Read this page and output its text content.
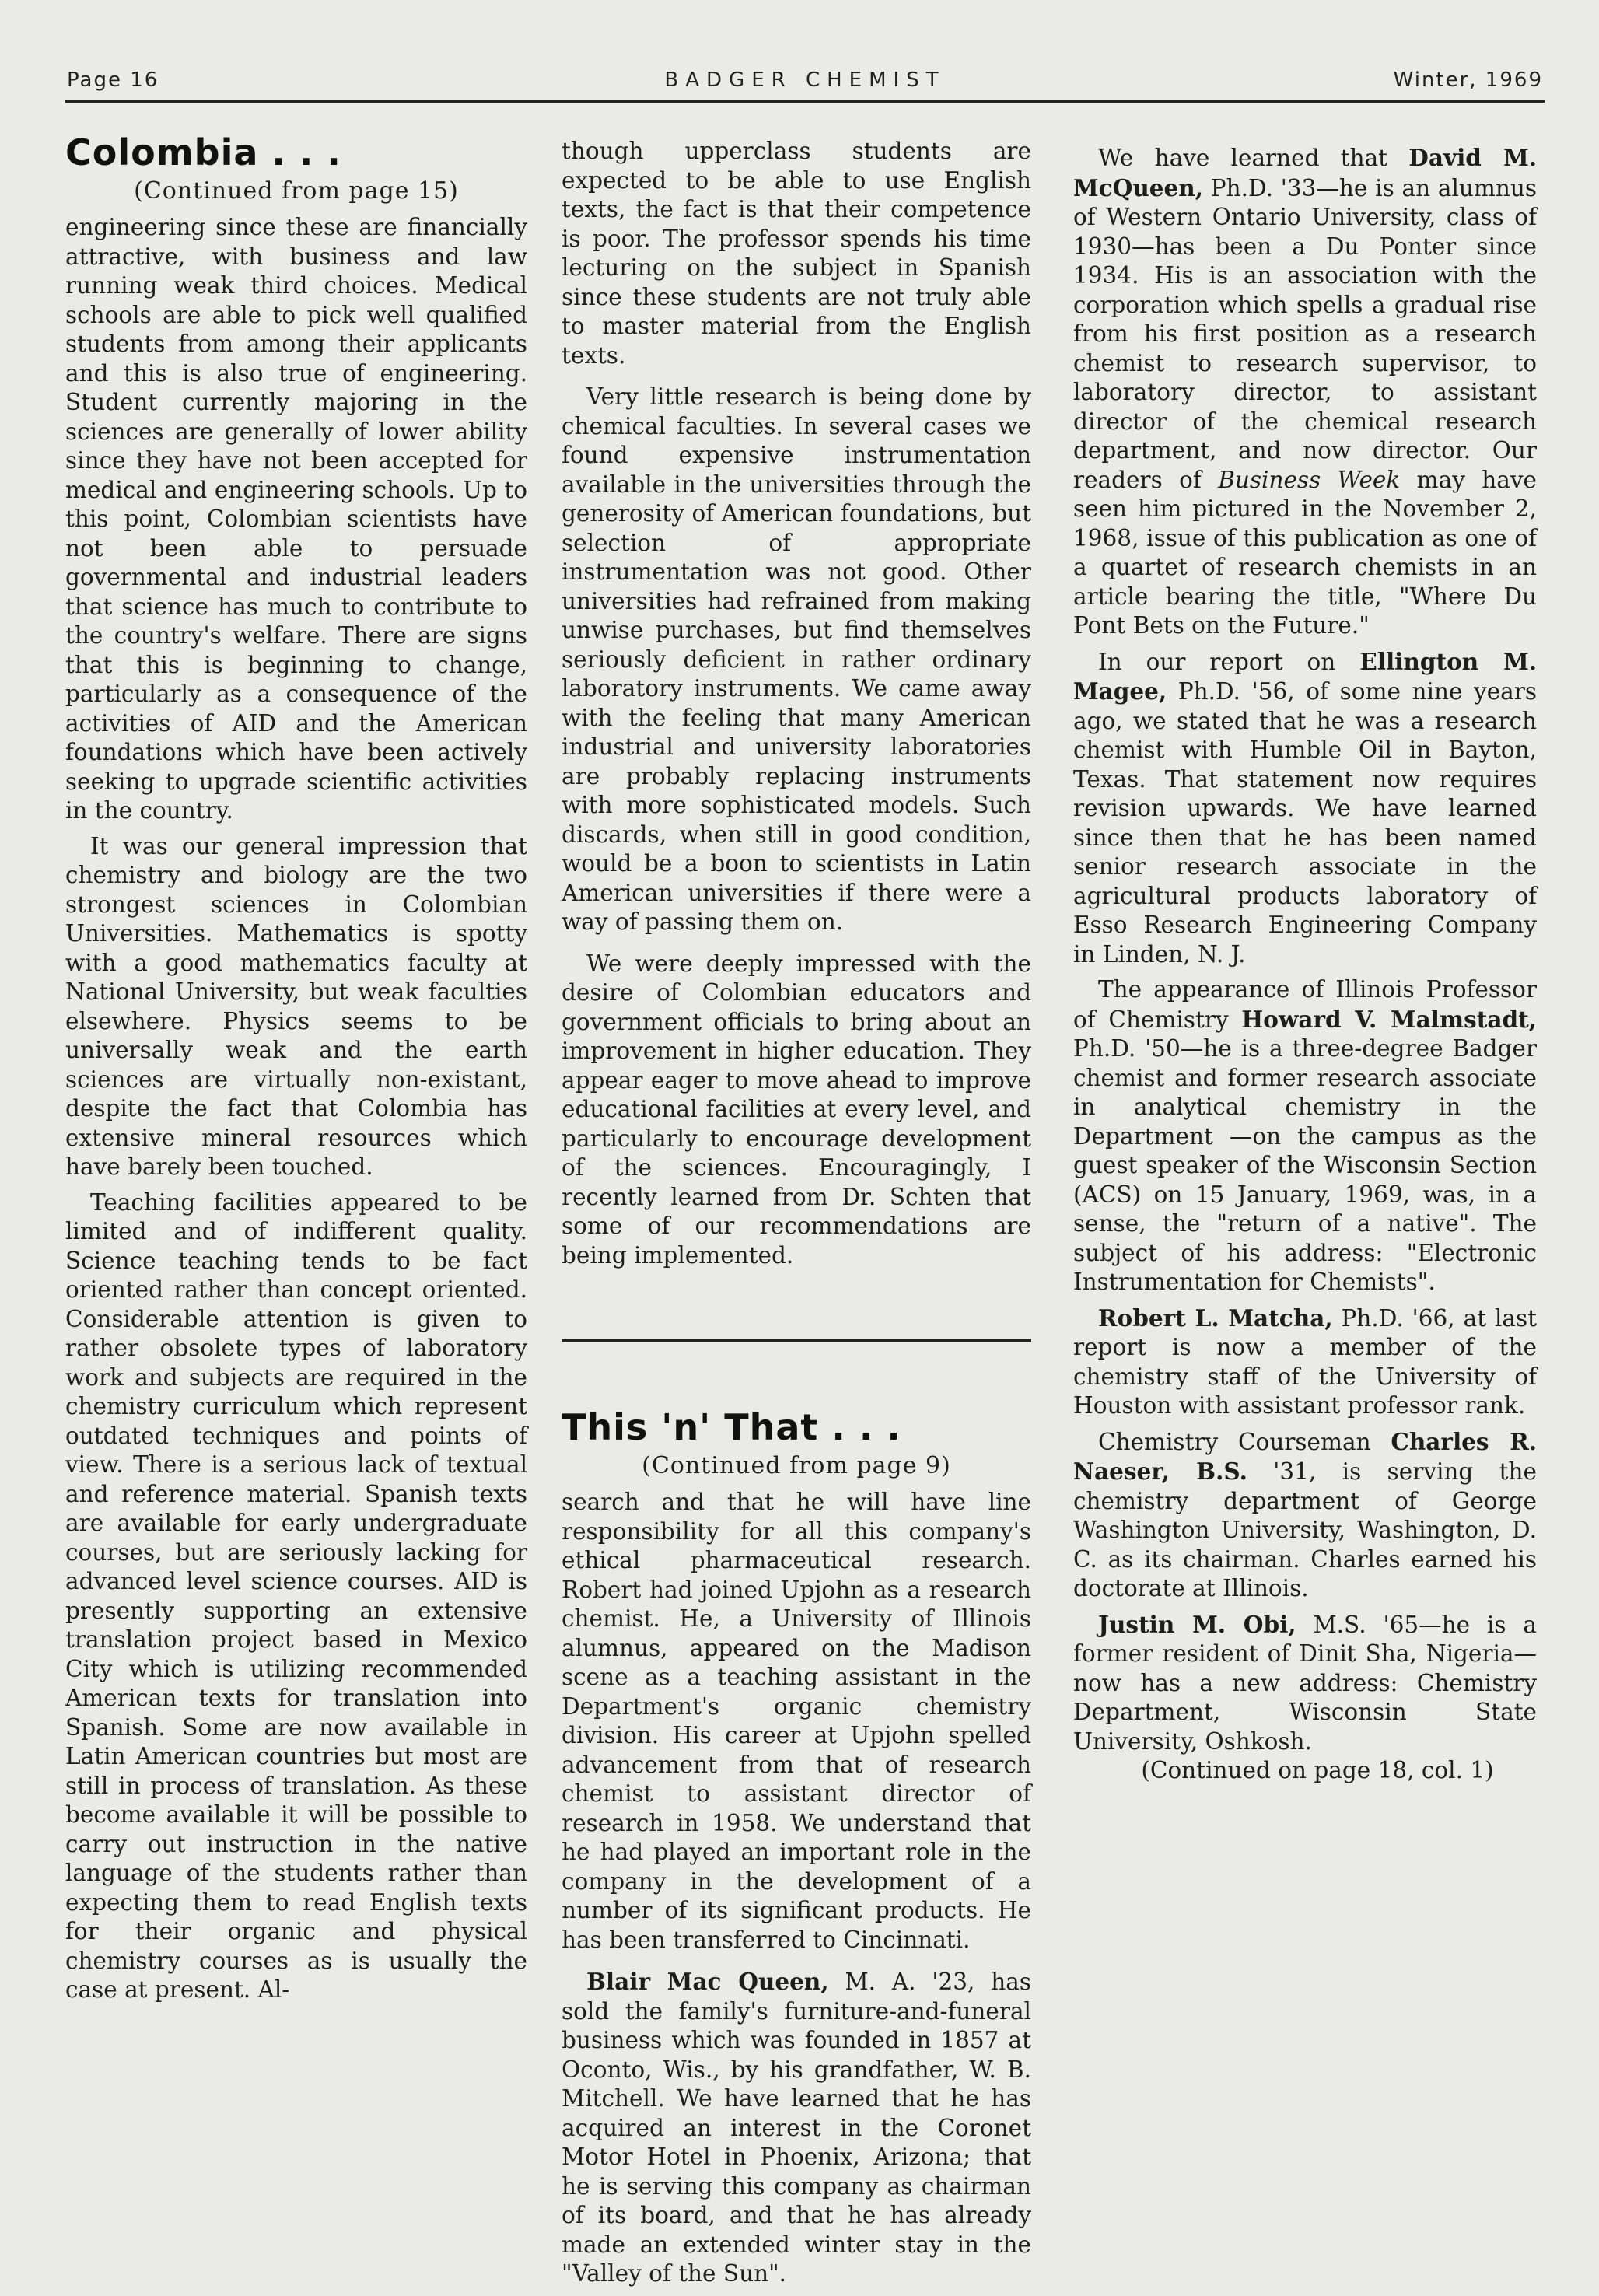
Page 16	BADGER CHEMIST	Winter, 1969
Colombia . . .
(Continued from page 15)

engineering since these are financially attractive, with business and law running weak third choices. Medical schools are able to pick well qualified students from among their applicants and this is also true of engineering. Student currently majoring in the sciences are generally of lower ability since they have not been accepted for medical and engineering schools. Up to this point, Colombian scientists have not been able to persuade governmental and industrial leaders that science has much to contribute to the country's welfare. There are signs that this is beginning to change, particularly as a consequence of the activities of AID and the American foundations which have been actively seeking to upgrade scientific activities in the country.

It was our general impression that chemistry and biology are the two strongest sciences in Colombian Universities. Mathematics is spotty with a good mathematics faculty at National University, but weak faculties elsewhere. Physics seems to be universally weak and the earth sciences are virtually non-existant, despite the fact that Colombia has extensive mineral resources which have barely been touched.

Teaching facilities appeared to be limited and of indifferent quality. Science teaching tends to be fact oriented rather than concept oriented. Considerable attention is given to rather obsolete types of laboratory work and subjects are required in the chemistry curriculum which represent outdated techniques and points of view. There is a serious lack of textual and reference material. Spanish texts are available for early undergraduate courses, but are seriously lacking for advanced level science courses. AID is presently supporting an extensive translation project based in Mexico City which is utilizing recommended American texts for translation into Spanish. Some are now available in Latin American countries but most are still in process of translation. As these become available it will be possible to carry out instruction in the native language of the students rather than expecting them to read English texts for their organic and physical chemistry courses as is usually the case at present. Al-

though upperclass students are expected to be able to use English texts, the fact is that their competence is poor. The professor spends his time lecturing on the subject in Spanish since these students are not truly able to master material from the English texts.

Very little research is being done by chemical faculties. In several cases we found expensive instrumentation available in the universities through the generosity of American foundations, but selection of appropriate instrumentation was not good. Other universities had refrained from making unwise purchases, but find themselves seriously deficient in rather ordinary laboratory instruments. We came away with the feeling that many American industrial and university laboratories are probably replacing instruments with more sophisticated models. Such discards, when still in good condition, would be a boon to scientists in Latin American universities if there were a way of passing them on.

We were deeply impressed with the desire of Colombian educators and government officials to bring about an improvement in higher education. They appear eager to move ahead to improve educational facilities at every level, and particularly to encourage development of the sciences. Encouragingly, I recently learned from Dr. Schten that some of our recommendations are being implemented.

This 'n' That . . .
(Continued from page 9)

search and that he will have line responsibility for all this company's ethical pharmaceutical research. Robert had joined Upjohn as a research chemist. He, a University of Illinois alumnus, appeared on the Madison scene as a teaching assistant in the Department's organic chemistry division. His career at Upjohn spelled advancement from that of research chemist to assistant director of research in 1958. We understand that he had played an important role in the company in the development of a number of its significant products. He has been transferred to Cincinnati.

Blair Mac Queen, M. A. '23, has sold the family's furniture-and-funeral business which was founded in 1857 at Oconto, Wis., by his grandfather, W. B. Mitchell. We have learned that he has acquired an interest in the Coronet Motor Hotel in Phoenix, Arizona; that he is serving this company as chairman of its board, and that he has already made an extended winter stay in the "Valley of the Sun".

We have learned that David M. McQueen, Ph.D. '33—he is an alumnus of Western Ontario University, class of 1930—has been a Du Ponter since 1934. His is an association with the corporation which spells a gradual rise from his first position as a research chemist to research supervisor, to laboratory director, to assistant director of the chemical research department, and now director. Our readers of Business Week may have seen him pictured in the November 2, 1968, issue of this publication as one of a quartet of research chemists in an article bearing the title, "Where Du Pont Bets on the Future."

In our report on Ellington M. Magee, Ph.D. '56, of some nine years ago, we stated that he was a research chemist with Humble Oil in Bayton, Texas. That statement now requires revision upwards. We have learned since then that he has been named senior research associate in the agricultural products laboratory of Esso Research Engineering Company in Linden, N. J.

The appearance of Illinois Professor of Chemistry Howard V. Malmstadt, Ph.D. '50—he is a three-degree Badger chemist and former research associate in analytical chemistry in the Department —on the campus as the guest speaker of the Wisconsin Section (ACS) on 15 January, 1969, was, in a sense, the "return of a native". The subject of his address: "Electronic Instrumentation for Chemists".

Robert L. Matcha, Ph.D. '66, at last report is now a member of the chemistry staff of the University of Houston with assistant professor rank.

Chemistry Courseman Charles R. Naeser, B.S. '31, is serving the chemistry department of George Washington University, Washington, D. C. as its chairman. Charles earned his doctorate at Illinois.

Justin M. Obi, M.S. '65—he is a former resident of Dinit Sha, Nigeria—now has a new address: Chemistry Department, Wisconsin State University, Oshkosh.

(Continued on page 18, col. 1)
